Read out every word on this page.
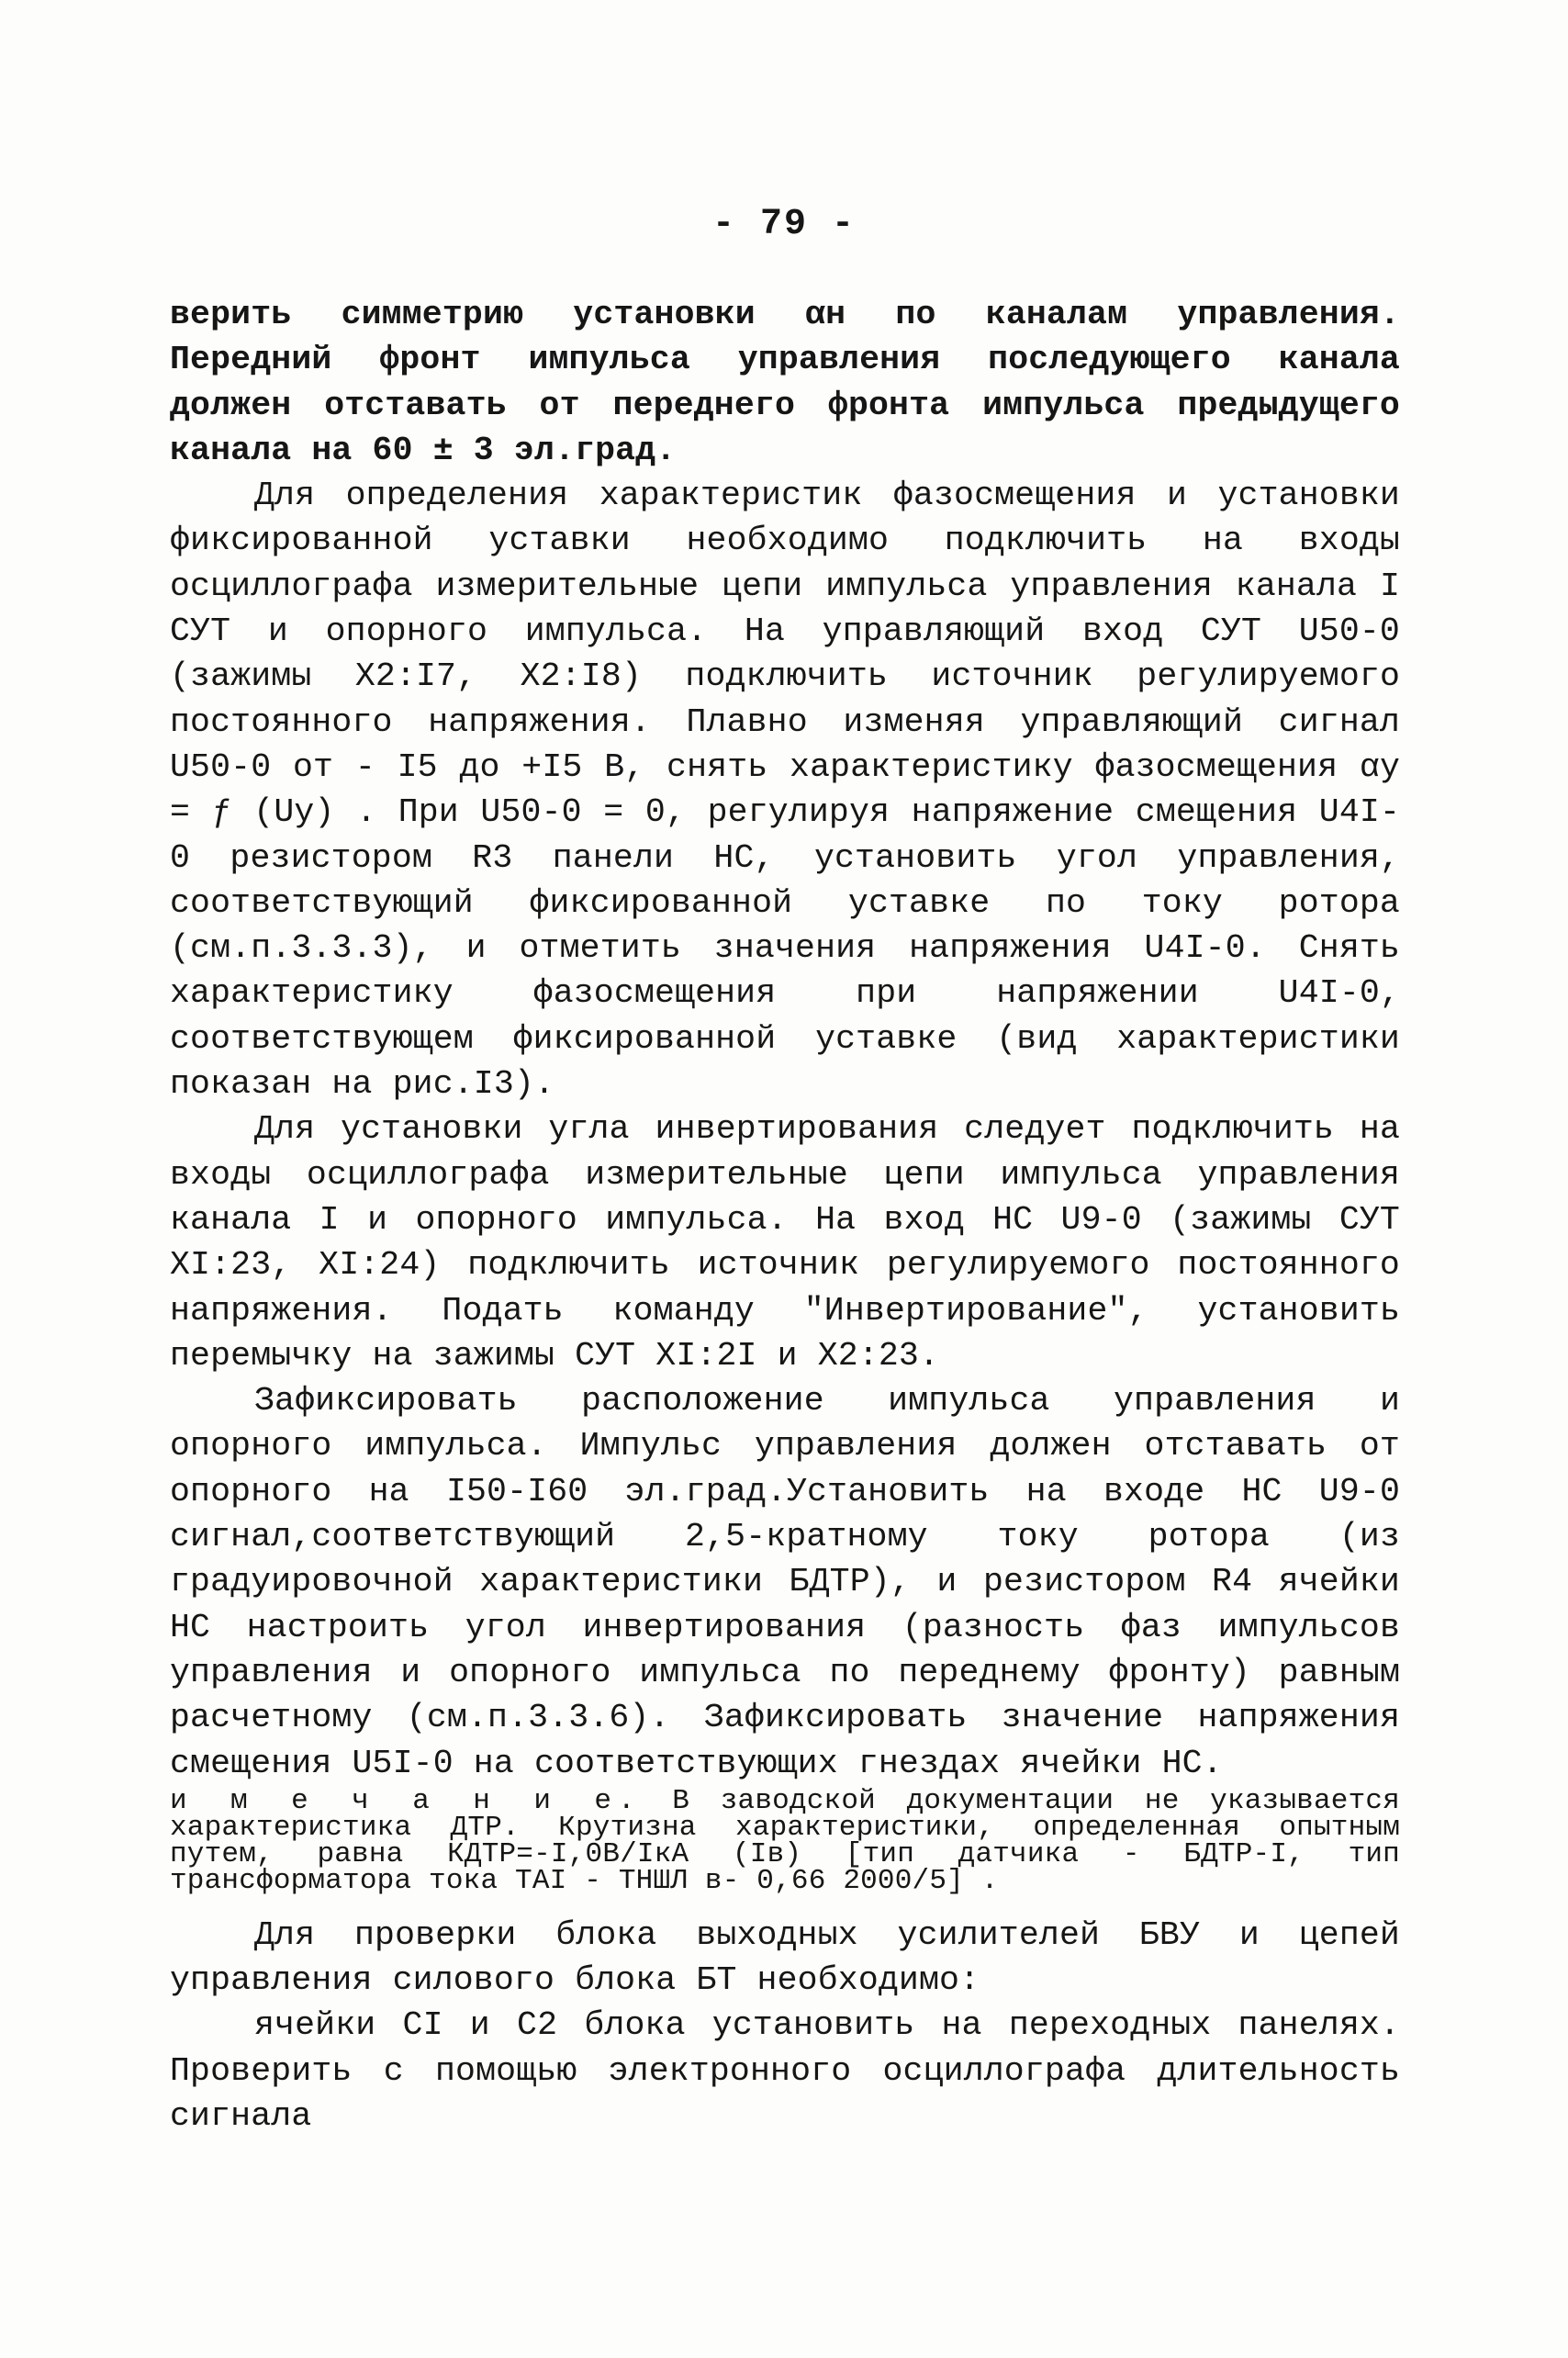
- 79 -

верить симметрию установки αн по каналам управления. Передний фронт импульса управления последующего канала должен отставать от переднего фронта импульса предыдущего канала на 60 ± 3 эл.град.

Для определения характеристик фазосмещения и установки фиксированной уставки необходимо подключить на входы осциллографа измерительные цепи импульса управления канала I СУТ и опорного импульса. На управляющий вход СУТ U50-0 (зажимы Х2:I7, Х2:I8) подключить источник регулируемого постоянного напряжения. Плавно изменяя управляющий сигнал U50-0 от - I5 до +I5 В, снять характеристику фазосмещения αу = ƒ (Uу) . При U50-0 = 0, регулируя напряжение смещения U4I-0 резистором R3 панели НС, установить угол управления, соответствующий фиксированной уставке по току ротора (см.п.3.3.3), и отметить значения напряжения U4I-0. Снять характеристику фазосмещения при напряжении U4I-0, соответствующем фиксированной уставке (вид характеристики показан на рис.I3).

Для установки угла инвертирования следует подключить на входы осциллографа измерительные цепи импульса управления канала I и опорного импульса. На вход НС U9-0 (зажимы СУТ ХI:23, ХI:24) подключить источник регулируемого постоянного напряжения. Подать команду "Инвертирование", установить перемычку на зажимы СУТ ХI:2I и Х2:23.

Зафиксировать расположение импульса управления и опорного импульса. Импульс управления должен отставать от опорного на I50-I60 эл.град.Установить на входе НС U9-0 сигнал,соответствующий 2,5-кратному току ротора (из градуировочной характеристики БДТР), и резистором R4 ячейки НС настроить угол инвертирования (разность фаз импульсов управления и опорного импульса по переднему фронту) равным расчетному (см.п.3.3.6). Зафиксировать значение напряжения смещения U5I-0 на соответствующих гнездах ячейки НС.

и м е ч а н и е. В заводской документации не указывается характеристика ДТР. Крутизна характеристики, определенная опытным путем, равна КДТР=-I,0В/IкА (Iв) [тип датчика - БДТР-I, тип трансформатора тока ТАI - ТНШЛ в- 0,66 2000/5] .

Для проверки блока выходных усилителей БВУ и цепей управления силового блока БТ необходимо:

ячейки СI и С2 блока установить на переходных панелях. Проверить с помощью электронного осциллографа длительность сигнала
